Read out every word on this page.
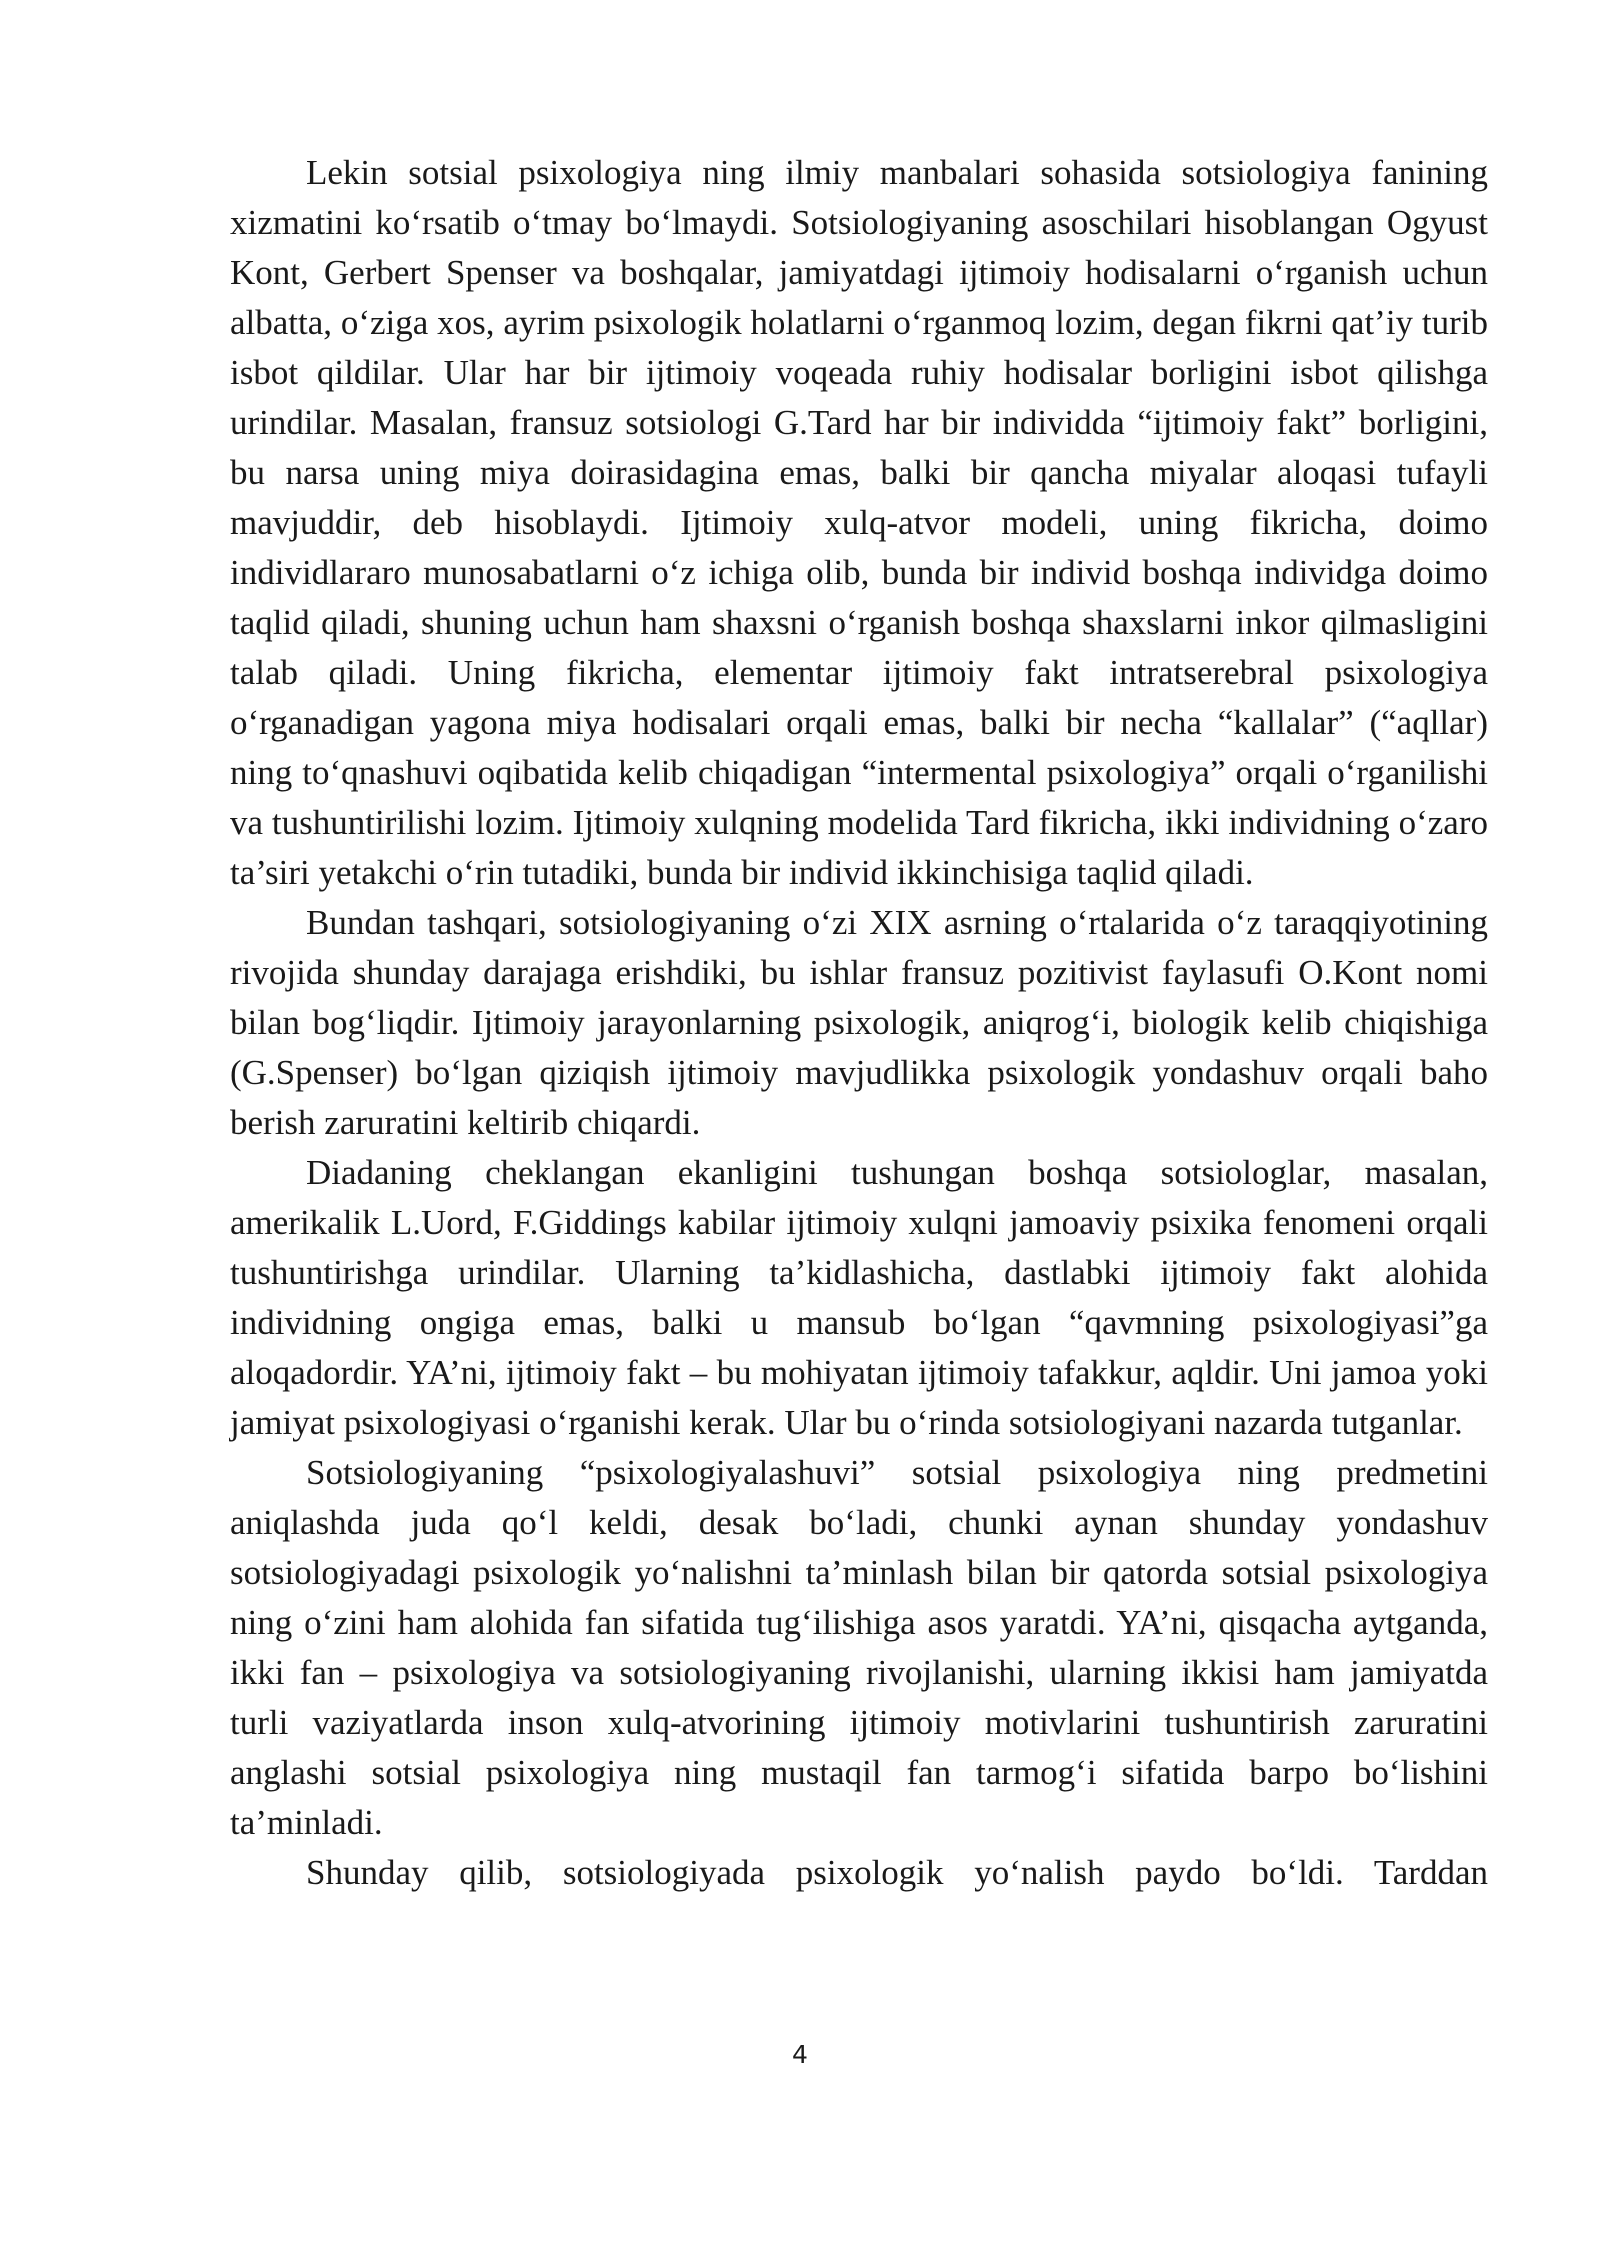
Lekin sotsial psixologiya ning ilmiy manbalari sohasida sotsiologiya fanining xizmatini ko‘rsatib o‘tmay bo‘lmaydi. Sotsiologiyaning asoschilari hisoblangan Ogyust Kont, Gerbert Spenser va boshqalar, jamiyatdagi ijtimoiy hodisalarni o‘rganish uchun albatta, o‘ziga xos, ayrim psixologik holatlarni o‘rganmoq lozim, degan fikrni qat’iy turib isbot qildilar. Ular har bir ijtimoiy voqeada ruhiy hodisalar borligini isbot qilishga urindilar. Masalan, fransuz sotsiologi G.Tard har bir individda “ijtimoiy fakt” borligini, bu narsa uning miya doirasidagina emas, balki bir qancha miyalar aloqasi tufayli mavjuddir, deb hisoblaydi. Ijtimoiy xulq-atvor modeli, uning fikricha, doimo individlararo munosabatlarni o‘z ichiga olib, bunda bir individ boshqa individga doimo taqlid qiladi, shuning uchun ham shaxsni o‘rganish boshqa shaxslarni inkor qilmasligini talab qiladi. Uning fikricha, elementar ijtimoiy fakt intratserebral psixologiya o‘rganadigan yagona miya hodisalari orqali emas, balki bir necha “kallalar” (“aqllar) ning to‘qnashuvi oqibatida kelib chiqadigan “intermental psixologiya” orqali o‘rganilishi va tushuntirilishi lozim. Ijtimoiy xulqning modelida Tard fikricha, ikki individning o‘zaro ta’siri yetakchi o‘rin tutadiki, bunda bir individ ikkinchisiga taqlid qiladi.

Bundan tashqari, sotsiologiyaning o‘zi XIX asrning o‘rtalarida o‘z taraqqiyotining rivojida shunday darajaga erishdiki, bu ishlar fransuz pozitivist faylasufi O.Kont nomi bilan bog‘liqdir. Ijtimoiy jarayonlarning psixologik, aniqrog‘i, biologik kelib chiqishiga (G.Spenser) bo‘lgan qiziqish ijtimoiy mavjudlikka psixologik yondashuv orqali baho berish zaruratini keltirib chiqardi.

Diadaning cheklangan ekanligini tushungan boshqa sotsiologlar, masalan, amerikalik L.Uord, F.Giddings kabilar ijtimoiy xulqni jamoaviy psixika fenomeni orqali tushuntirishga urindilar. Ularning ta’kidlashicha, dastlabki ijtimoiy fakt alohida individning ongiga emas, balki u mansub bo‘lgan “qavmning psixologiyasi”ga aloqadordir. YA’ni, ijtimoiy fakt – bu mohiyatan ijtimoiy tafakkur, aqldir. Uni jamoa yoki jamiyat psixologiyasi o‘rganishi kerak. Ular bu o‘rinda sotsiologiyani nazarda tutganlar.

Sotsiologiyaning “psixologiyalashuvi” sotsial psixologiya ning predmetini aniqlashda juda qo‘l keldi, desak bo‘ladi, chunki aynan shunday yondashuv sotsiologiyadagi psixologik yo‘nalishni ta’minlash bilan bir qatorda sotsial psixologiya ning o‘zini ham alohida fan sifatida tug‘ilishiga asos yaratdi. YA’ni, qisqacha aytganda, ikki fan – psixologiya va sotsiologiyaning rivojlanishi, ularning ikkisi ham jamiyatda turli vaziyatlarda inson xulq-atvorining ijtimoiy motivlarini tushuntirish zaruratini anglashi sotsial psixologiya ning mustaqil fan tarmog‘i sifatida barpo bo‘lishini ta’minladi.

Shunday qilib, sotsiologiyada psixologik yo‘nalish paydo bo‘ldi. Tarddan

4
